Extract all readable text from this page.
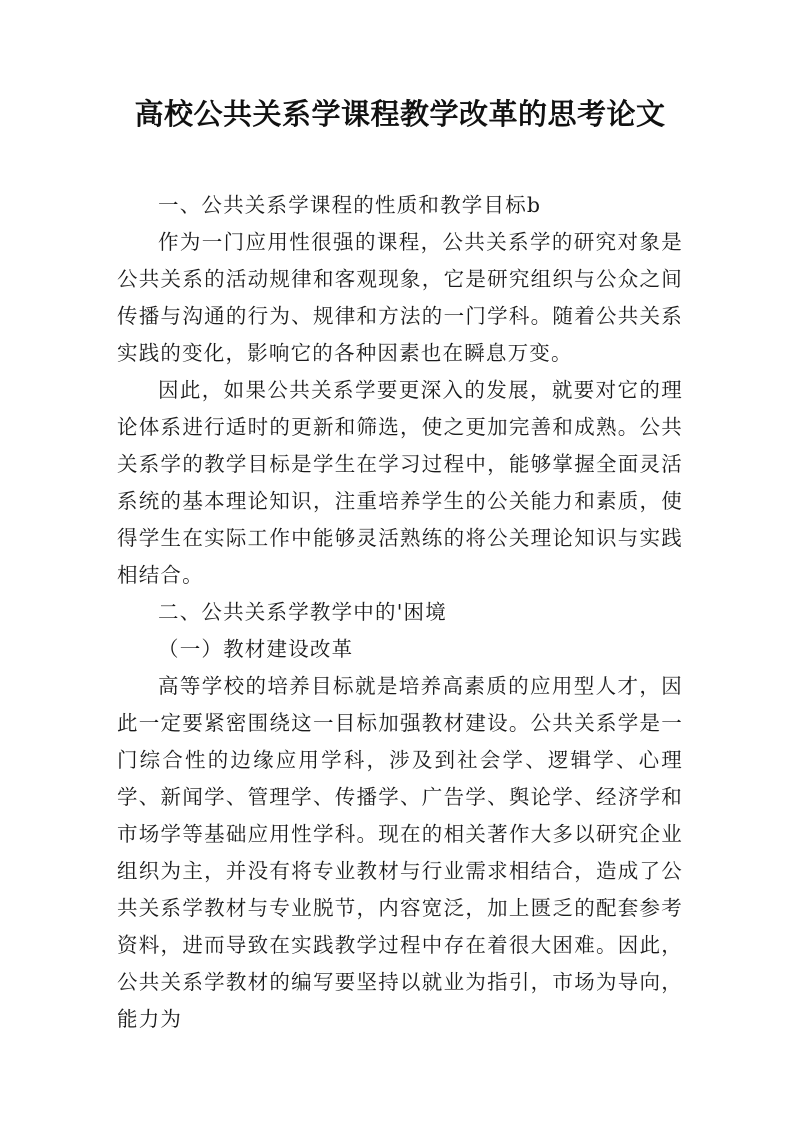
高校公共关系学课程教学改革的思考论文

一、公共关系学课程的性质和教学目标b

作为一门应用性很强的课程，公共关系学的研究对象是公共关系的活动规律和客观现象，它是研究组织与公众之间传播与沟通的行为、规律和方法的一门学科。随着公共关系实践的变化，影响它的各种因素也在瞬息万变。

因此，如果公共关系学要更深入的发展，就要对它的理论体系进行适时的更新和筛选，使之更加完善和成熟。公共关系学的教学目标是学生在学习过程中，能够掌握全面灵活系统的基本理论知识，注重培养学生的公关能力和素质，使得学生在实际工作中能够灵活熟练的将公关理论知识与实践相结合。

二、公共关系学教学中的'困境

（一）教材建设改革

高等学校的培养目标就是培养高素质的应用型人才，因此一定要紧密围绕这一目标加强教材建设。公共关系学是一门综合性的边缘应用学科，涉及到社会学、逻辑学、心理学、新闻学、管理学、传播学、广告学、舆论学、经济学和市场学等基础应用性学科。现在的相关著作大多以研究企业组织为主，并没有将专业教材与行业需求相结合，造成了公共关系学教材与专业脱节，内容宽泛，加上匮乏的配套参考资料，进而导致在实践教学过程中存在着很大困难。因此，公共关系学教材的编写要坚持以就业为指引，市场为导向，能力为
